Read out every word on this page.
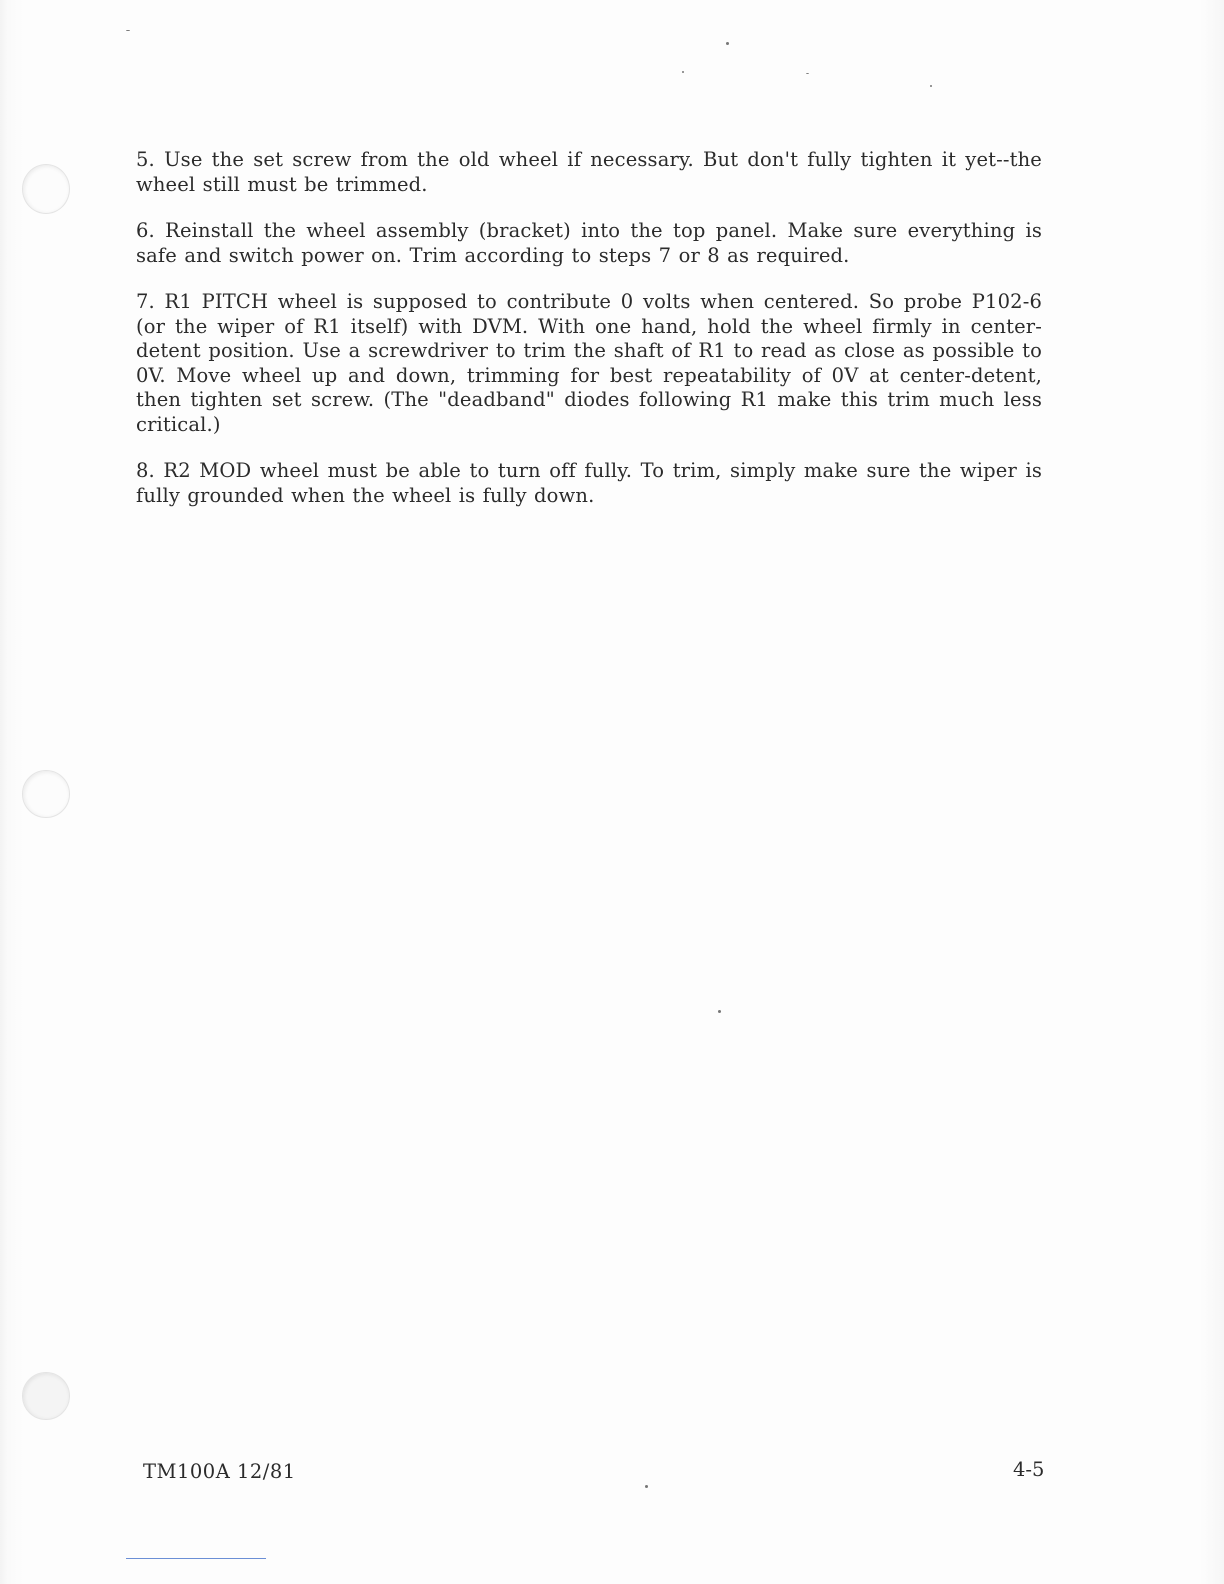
5. Use the set screw from the old wheel if necessary. But don't fully tighten it yet--the wheel still must be trimmed.

6. Reinstall the wheel assembly (bracket) into the top panel. Make sure everything is safe and switch power on. Trim according to steps 7 or 8 as required.

7. R1 PITCH wheel is supposed to contribute 0 volts when centered. So probe P102-6 (or the wiper of R1 itself) with DVM. With one hand, hold the wheel firmly in center-detent position. Use a screwdriver to trim the shaft of R1 to read as close as possible to 0V. Move wheel up and down, trimming for best repeatability of 0V at center-detent, then tighten set screw. (The "deadband" diodes following R1 make this trim much less critical.)

8. R2 MOD wheel must be able to turn off fully. To trim, simply make sure the wiper is fully grounded when the wheel is fully down.

TM100A 12/81	4-5
